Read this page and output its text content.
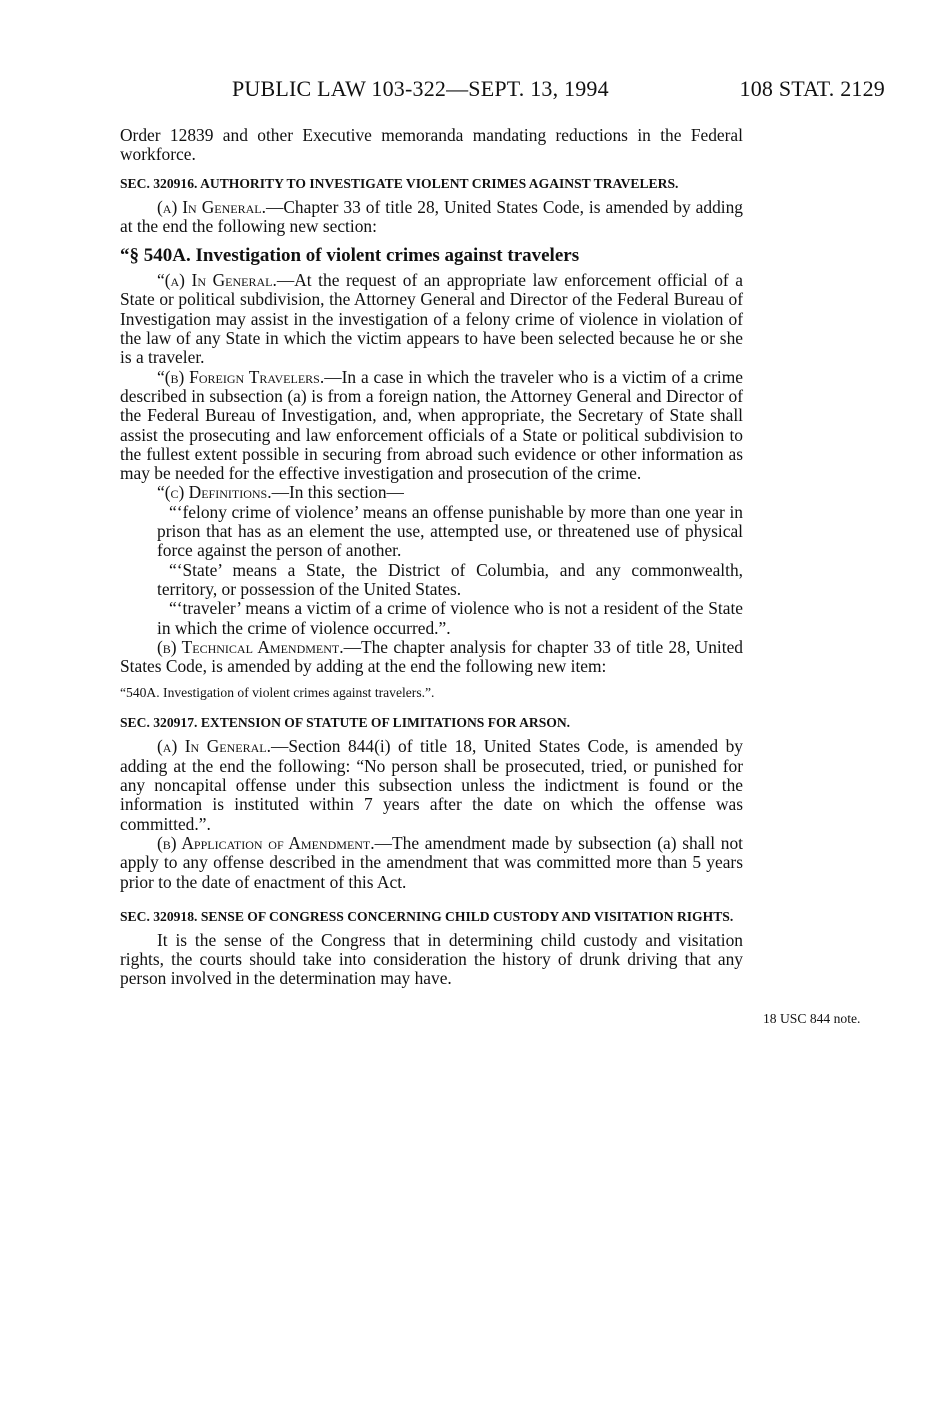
PUBLIC LAW 103-322—SEPT. 13, 1994	108 STAT. 2129

Order 12839 and other Executive memoranda mandating reductions in the Federal workforce.

SEC. 320916. AUTHORITY TO INVESTIGATE VIOLENT CRIMES AGAINST TRAVELERS.

(a) In General.—Chapter 33 of title 28, United States Code, is amended by adding at the end the following new section:

“§ 540A. Investigation of violent crimes against travelers

“(a) In General.—At the request of an appropriate law enforcement official of a State or political subdivision, the Attorney General and Director of the Federal Bureau of Investigation may assist in the investigation of a felony crime of violence in violation of the law of any State in which the victim appears to have been selected because he or she is a traveler.

“(b) Foreign Travelers.—In a case in which the traveler who is a victim of a crime described in subsection (a) is from a foreign nation, the Attorney General and Director of the Federal Bureau of Investigation, and, when appropriate, the Secretary of State shall assist the prosecuting and law enforcement officials of a State or political subdivision to the fullest extent possible in securing from abroad such evidence or other information as may be needed for the effective investigation and prosecution of the crime.

“(c) Definitions.—In this section—

“‘felony crime of violence’ means an offense punishable by more than one year in prison that has as an element the use, attempted use, or threatened use of physical force against the person of another.

“‘State’ means a State, the District of Columbia, and any commonwealth, territory, or possession of the United States.

“‘traveler’ means a victim of a crime of violence who is not a resident of the State in which the crime of violence occurred.”.

(b) Technical Amendment.—The chapter analysis for chapter 33 of title 28, United States Code, is amended by adding at the end the following new item:

“540A. Investigation of violent crimes against travelers.”.

SEC. 320917. EXTENSION OF STATUTE OF LIMITATIONS FOR ARSON.

(a) In General.—Section 844(i) of title 18, United States Code, is amended by adding at the end the following: “No person shall be prosecuted, tried, or punished for any noncapital offense under this subsection unless the indictment is found or the information is instituted within 7 years after the date on which the offense was committed.”.

(b) Application of Amendment.—The amendment made by subsection (a) shall not apply to any offense described in the amendment that was committed more than 5 years prior to the date of enactment of this Act.

SEC. 320918. SENSE OF CONGRESS CONCERNING CHILD CUSTODY AND VISITATION RIGHTS.

It is the sense of the Congress that in determining child custody and visitation rights, the courts should take into consideration the history of drunk driving that any person involved in the determination may have.

18 USC 844 note.
